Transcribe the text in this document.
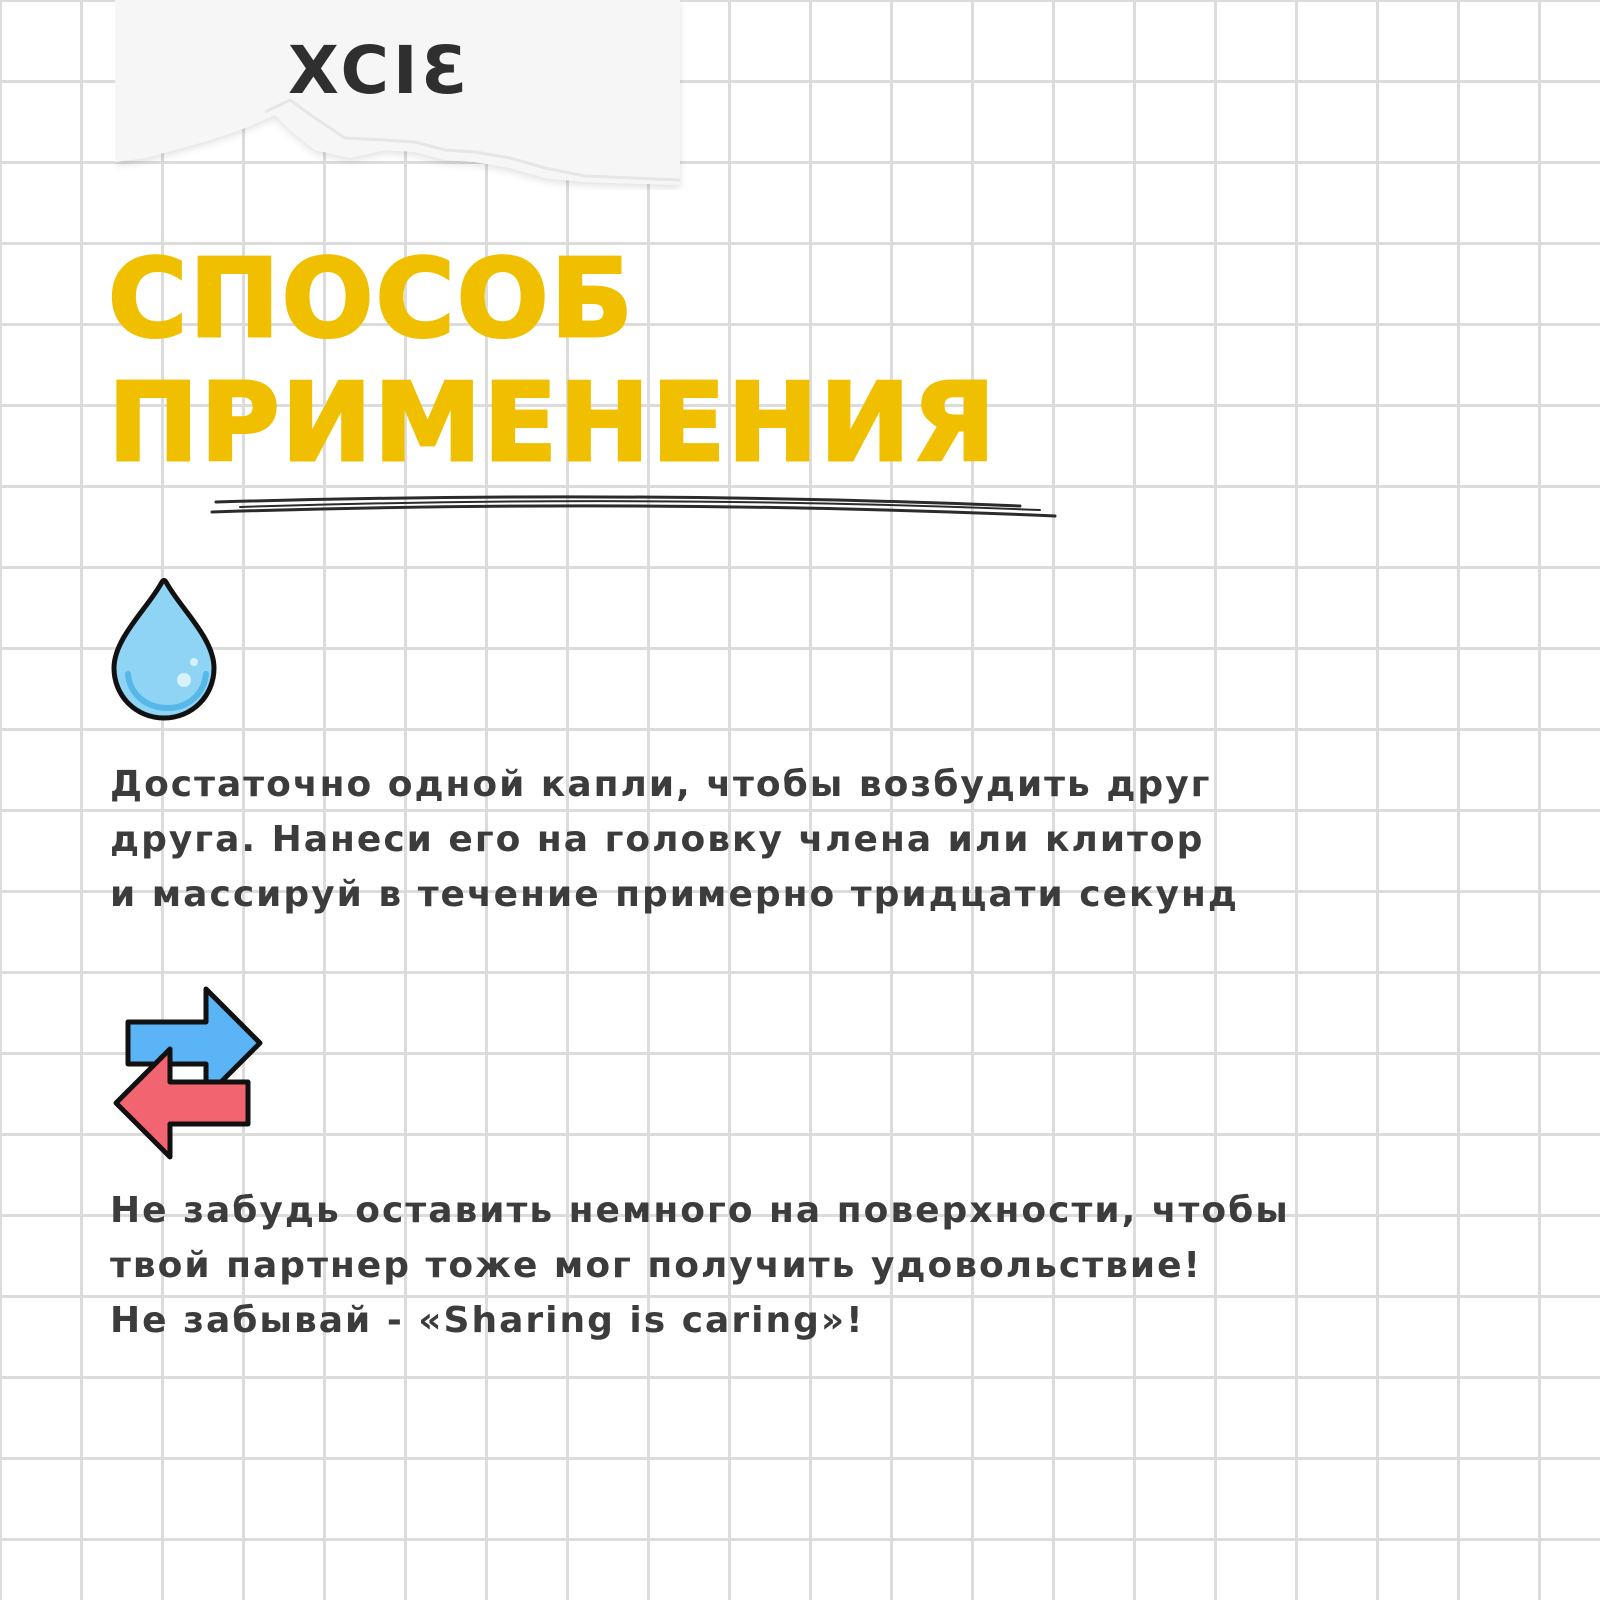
XCIƐ
СПОСОБ
ПРИМЕНЕНИЯ

Достаточно одной капли, чтобы возбудить друг
друга. Нанеси его на головку члена или клитор
и массируй в течение примерно тридцати секунд

Не забудь оставить немного на поверхности, чтобы
твой партнер тоже мог получить удовольствие!
Не забывай - «Sharing is caring»!
